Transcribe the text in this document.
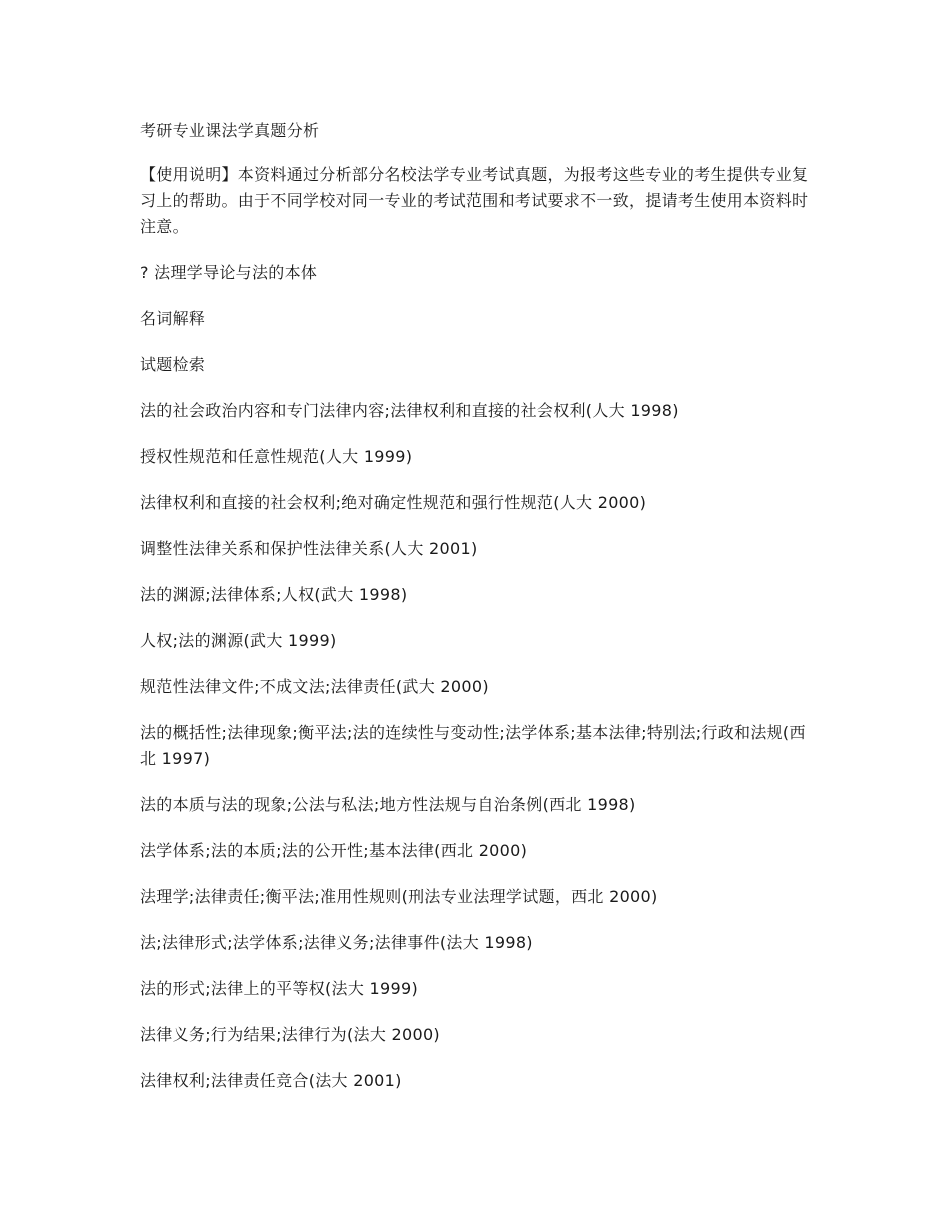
考研专业课法学真题分析

【使用说明】本资料通过分析部分名校法学专业考试真题，为报考这些专业的考生提供专业复习上的帮助。由于不同学校对同一专业的考试范围和考试要求不一致，提请考生使用本资料时注意。

? 法理学导论与法的本体

名词解释

试题检索

法的社会政治内容和专门法律内容;法律权利和直接的社会权利(人大 1998)

授权性规范和任意性规范(人大 1999)

法律权利和直接的社会权利;绝对确定性规范和强行性规范(人大 2000)

调整性法律关系和保护性法律关系(人大 2001)

法的渊源;法律体系;人权(武大 1998)

人权;法的渊源(武大 1999)

规范性法律文件;不成文法;法律责任(武大 2000)

法的概括性;法律现象;衡平法;法的连续性与变动性;法学体系;基本法律;特别法;行政和法规(西北 1997)

法的本质与法的现象;公法与私法;地方性法规与自治条例(西北 1998)

法学体系;法的本质;法的公开性;基本法律(西北 2000)

法理学;法律责任;衡平法;准用性规则(刑法专业法理学试题，西北 2000)

法;法律形式;法学体系;法律义务;法律事件(法大 1998)

法的形式;法律上的平等权(法大 1999)

法律义务;行为结果;法律行为(法大 2000)

法律权利;法律责任竞合(法大 2001)
